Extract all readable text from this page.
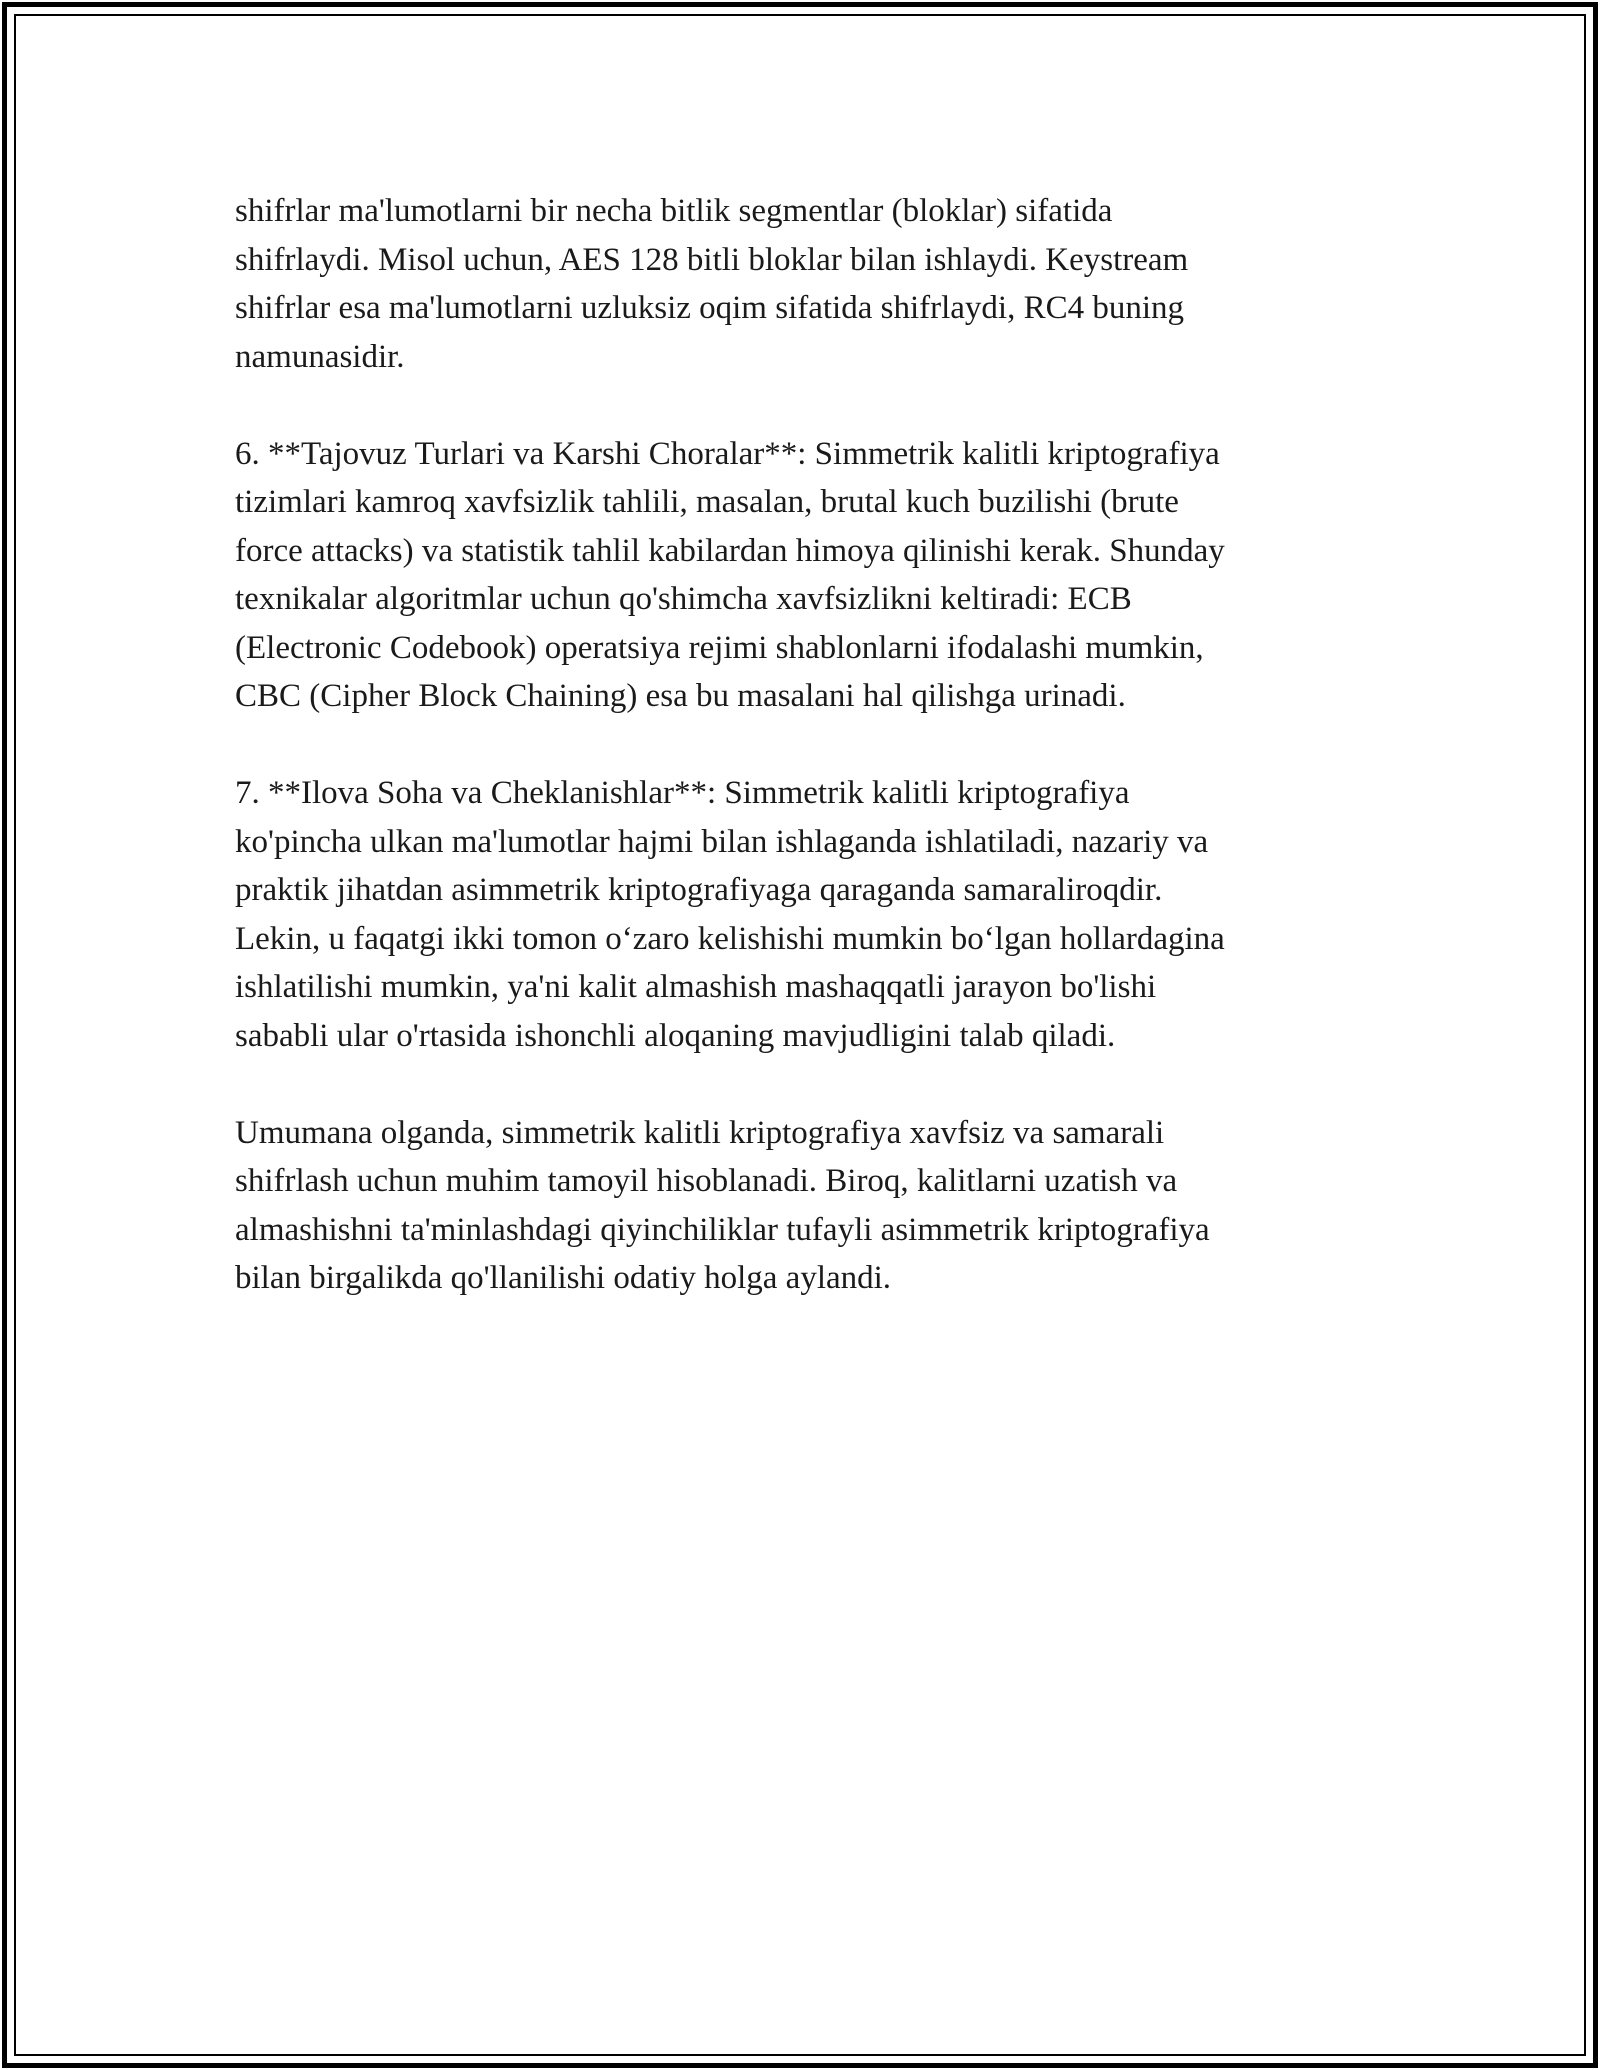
shifrlar ma'lumotlarni bir necha bitlik segmentlar (bloklar) sifatida
shifrlaydi. Misol uchun, AES 128 bitli bloklar bilan ishlaydi. Keystream
shifrlar esa ma'lumotlarni uzluksiz oqim sifatida shifrlaydi, RC4 buning
namunasidir.

6. **Tajovuz Turlari va Karshi Choralar**: Simmetrik kalitli kriptografiya
tizimlari kamroq xavfsizlik tahlili, masalan, brutal kuch buzilishi (brute
force attacks) va statistik tahlil kabilardan himoya qilinishi kerak. Shunday
texnikalar algoritmlar uchun qo'shimcha xavfsizlikni keltiradi: ECB
(Electronic Codebook) operatsiya rejimi shablonlarni ifodalashi mumkin,
CBC (Cipher Block Chaining) esa bu masalani hal qilishga urinadi.

7. **Ilova Soha va Cheklanishlar**: Simmetrik kalitli kriptografiya
ko'pincha ulkan ma'lumotlar hajmi bilan ishlaganda ishlatiladi, nazariy va
praktik jihatdan asimmetrik kriptografiyaga qaraganda samaraliroqdir.
Lekin, u faqatgi ikki tomon o‘zaro kelishishi mumkin bo‘lgan hollardagina
ishlatilishi mumkin, ya'ni kalit almashish mashaqqatli jarayon bo'lishi
sababli ular o'rtasida ishonchli aloqaning mavjudligini talab qiladi.

Umumana olganda, simmetrik kalitli kriptografiya xavfsiz va samarali
shifrlash uchun muhim tamoyil hisoblanadi. Biroq, kalitlarni uzatish va
almashishni ta'minlashdagi qiyinchiliklar tufayli asimmetrik kriptografiya
bilan birgalikda qo'llanilishi odatiy holga aylandi.
